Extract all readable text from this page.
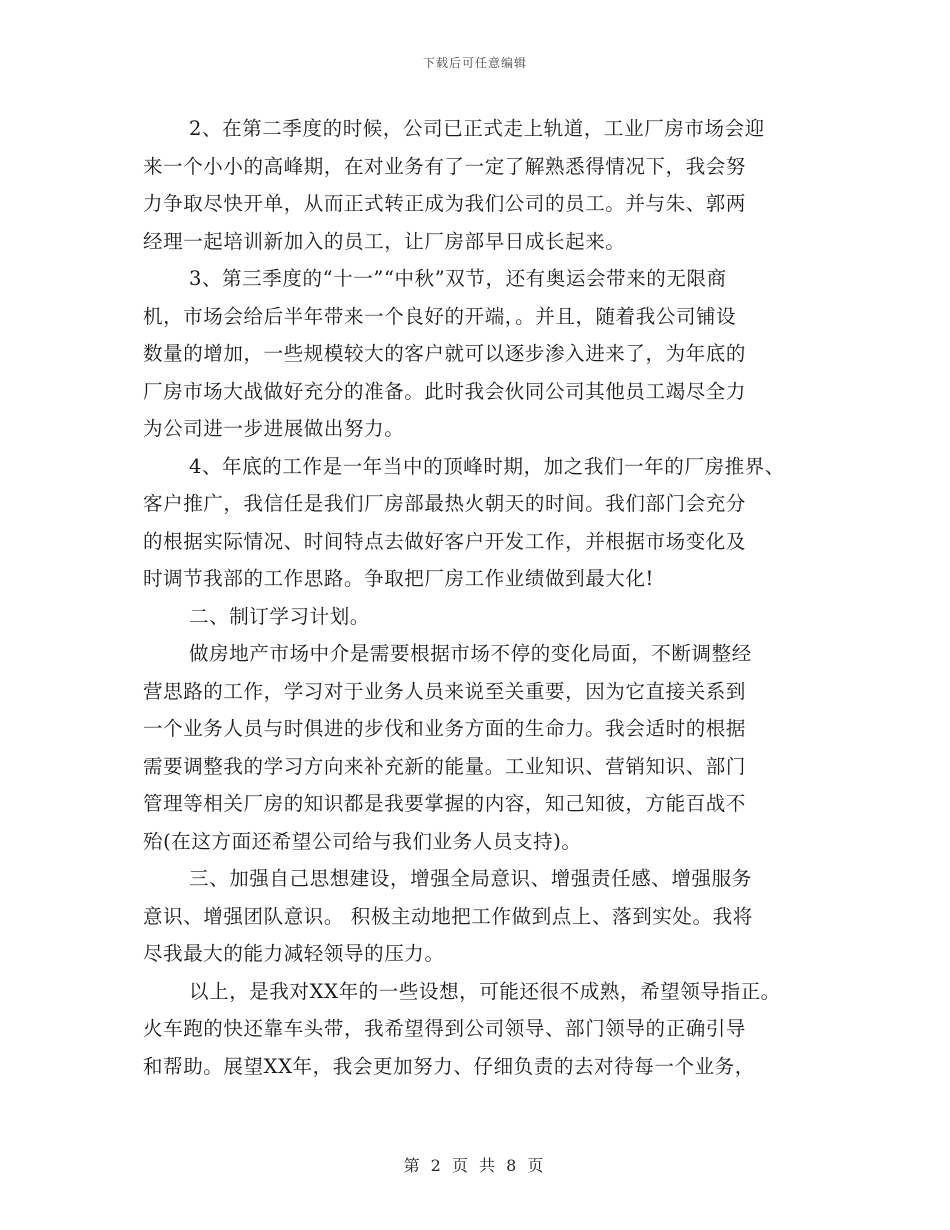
下载后可任意编辑
2、在第二季度的时候，公司已正式走上轨道，工业厂房市场会迎
来一个小小的高峰期，在对业务有了一定了解熟悉得情况下，我会努
力争取尽快开单，从而正式转正成为我们公司的员工。并与朱、郭两
经理一起培训新加入的员工，让厂房部早日成长起来。
3、第三季度的“十一”“中秋”双节，还有奥运会带来的无限商
机，市场会给后半年带来一个良好的开端，。并且，随着我公司铺设
数量的增加，一些规模较大的客户就可以逐步渗入进来了，为年底的
厂房市场大战做好充分的准备。此时我会伙同公司其他员工竭尽全力
为公司进一步进展做出努力。
4、年底的工作是一年当中的顶峰时期，加之我们一年的厂房推界、
客户推广，我信任是我们厂房部最热火朝天的时间。我们部门会充分
的根据实际情况、时间特点去做好客户开发工作，并根据市场变化及
时调节我部的工作思路。争取把厂房工作业绩做到最大化!
二、制订学习计划。
做房地产市场中介是需要根据市场不停的变化局面，不断调整经
营思路的工作，学习对于业务人员来说至关重要，因为它直接关系到
一个业务人员与时俱进的步伐和业务方面的生命力。我会适时的根据
需要调整我的学习方向来补充新的能量。工业知识、营销知识、部门
管理等相关厂房的知识都是我要掌握的内容，知己知彼，方能百战不
殆(在这方面还希望公司给与我们业务人员支持)。
三、加强自己思想建设，增强全局意识、增强责任感、增强服务
意识、增强团队意识。 积极主动地把工作做到点上、落到实处。我将
尽我最大的能力减轻领导的压力。
以上，是我对XX年的一些设想，可能还很不成熟，希望领导指正。
火车跑的快还靠车头带，我希望得到公司领导、部门领导的正确引导
和帮助。展望XX年，我会更加努力、仔细负责的去对待每一个业务，
第 2 页 共 8 页
